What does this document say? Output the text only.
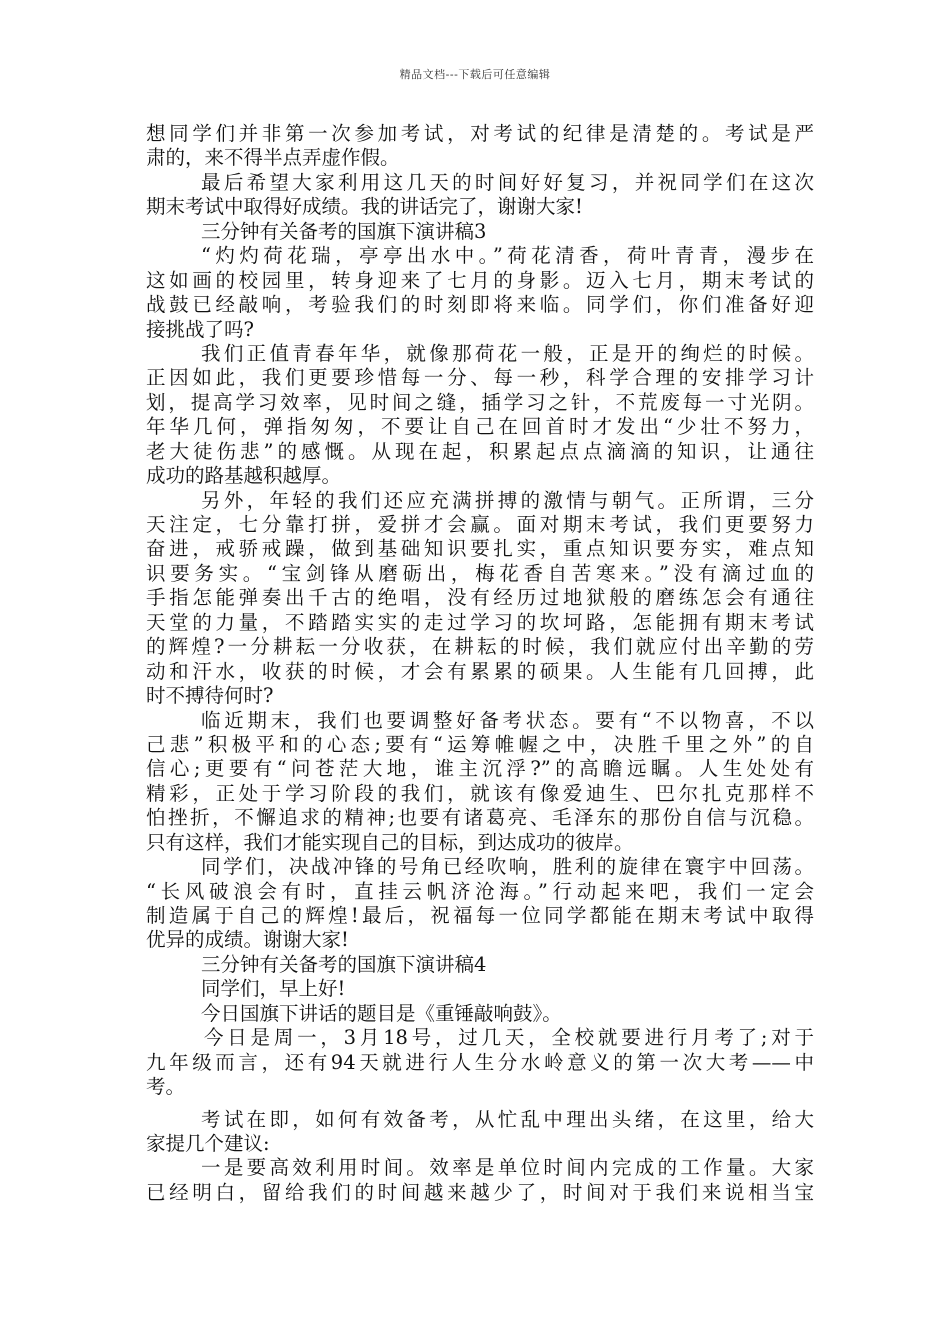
精品文档---下载后可任意编辑
想同学们并非第一次参加考试，对考试的纪律是清楚的。考试是严
肃的，来不得半点弄虚作假。
最后希望大家利用这几天的时间好好复习，并祝同学们在这次
期末考试中取得好成绩。我的讲话完了，谢谢大家!
三分钟有关备考的国旗下演讲稿3
“灼灼荷花瑞，亭亭出水中。”荷花清香，荷叶青青，漫步在
这如画的校园里，转身迎来了七月的身影。迈入七月，期末考试的
战鼓已经敲响，考验我们的时刻即将来临。同学们，你们准备好迎
接挑战了吗?
我们正值青春年华，就像那荷花一般，正是开的绚烂的时候。
正因如此，我们更要珍惜每一分、每一秒，科学合理的安排学习计
划，提高学习效率，见时间之缝，插学习之针，不荒废每一寸光阴。
年华几何，弹指匆匆，不要让自己在回首时才发出“少壮不努力，
老大徒伤悲”的感慨。从现在起，积累起点点滴滴的知识，让通往
成功的路基越积越厚。
另外，年轻的我们还应充满拼搏的激情与朝气。正所谓，三分
天注定，七分靠打拼，爱拼才会赢。面对期末考试，我们更要努力
奋进，戒骄戒躁，做到基础知识要扎实，重点知识要夯实，难点知
识要务实。“宝剑锋从磨砺出，梅花香自苦寒来。”没有滴过血的
手指怎能弹奏出千古的绝唱，没有经历过地狱般的磨练怎会有通往
天堂的力量，不踏踏实实的走过学习的坎坷路，怎能拥有期末考试
的辉煌?一分耕耘一分收获，在耕耘的时候，我们就应付出辛勤的劳
动和汗水，收获的时候，才会有累累的硕果。人生能有几回搏，此
时不搏待何时?
临近期末，我们也要调整好备考状态。要有“不以物喜，不以
己悲”积极平和的心态;要有“运筹帷幄之中，决胜千里之外”的自
信心;更要有“问苍茫大地，谁主沉浮?”的高瞻远瞩。人生处处有
精彩，正处于学习阶段的我们，就该有像爱迪生、巴尔扎克那样不
怕挫折，不懈追求的精神;也要有诸葛亮、毛泽东的那份自信与沉稳。
只有这样，我们才能实现自己的目标，到达成功的彼岸。
同学们，决战冲锋的号角已经吹响，胜利的旋律在寰宇中回荡。
“长风破浪会有时，直挂云帆济沧海。”行动起来吧，我们一定会
制造属于自己的辉煌!最后，祝福每一位同学都能在期末考试中取得
优异的成绩。谢谢大家!
三分钟有关备考的国旗下演讲稿4
同学们，早上好!
今日国旗下讲话的题目是《重锤敲响鼓》。
今日是周一，3月18号，过几天，全校就要进行月考了;对于
九年级而言，还有94天就进行人生分水岭意义的第一次大考——中
考。
考试在即，如何有效备考，从忙乱中理出头绪，在这里，给大
家提几个建议:
一是要高效利用时间。效率是单位时间内完成的工作量。大家
已经明白，留给我们的时间越来越少了，时间对于我们来说相当宝
